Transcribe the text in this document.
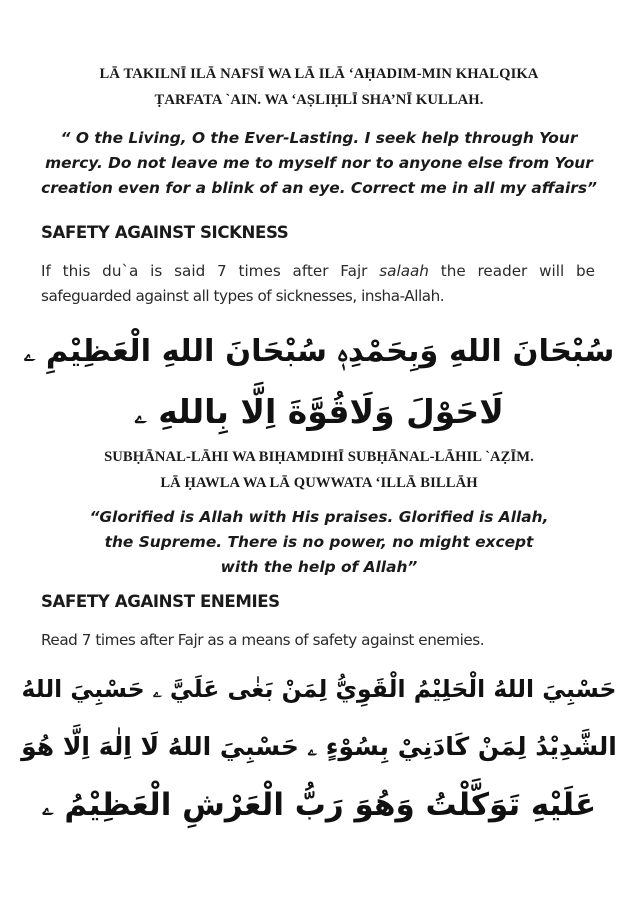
LĀ TAKILNĪ ILĀ NAFSĪ WA LĀ ILĀ ‘AḤADIM-MIN KHALQIKA

ṬARFATA `AIN. WA ‘AṢLIḤLĪ SHA’NĪ KULLAH.

“ O the Living, O the Ever-Lasting. I seek help through Your

mercy. Do not leave me to myself nor to anyone else from Your

creation even for a blink of an eye. Correct me in all my affairs”

SAFETY AGAINST SICKNESS
If this du`a is said 7 times after Fajr salaah the reader will be
safeguarded against all types of sicknesses, insha-Allah.

سُبْحَانَ اللهِ وَبِحَمْدِهٖ سُبْحَانَ اللهِ الْعَظِيْمِ ۦ

لَاحَوْلَ وَلَاقُوَّةَ اِلَّا بِاللهِ ۦ

SUBḤĀNAL-LĀHI WA BIḤAMDIHĪ SUBḤĀNAL-LĀHIL `AẒĪM.

LĀ ḤAWLA WA LĀ QUWWATA ‘ILLĀ BILLĀH

“Glorified is Allah with His praises. Glorified is Allah,

the Supreme. There is no power, no might except

with the help of Allah”

SAFETY AGAINST ENEMIES
Read 7 times after Fajr as a means of safety against enemies.

حَسْبِيَ اللهُ الْحَلِيْمُ الْقَوِيُّ لِمَنْ بَغٰى عَلَيَّ ۦ حَسْبِيَ اللهُ

الشَّدِيْدُ لِمَنْ كَادَنِيْ بِسُوْءٍ ۦ حَسْبِيَ اللهُ لَا اِلٰهَ اِلَّا هُوَ

عَلَيْهِ تَوَكَّلْتُ وَهُوَ رَبُّ الْعَرْشِ الْعَظِيْمُ ۦ
